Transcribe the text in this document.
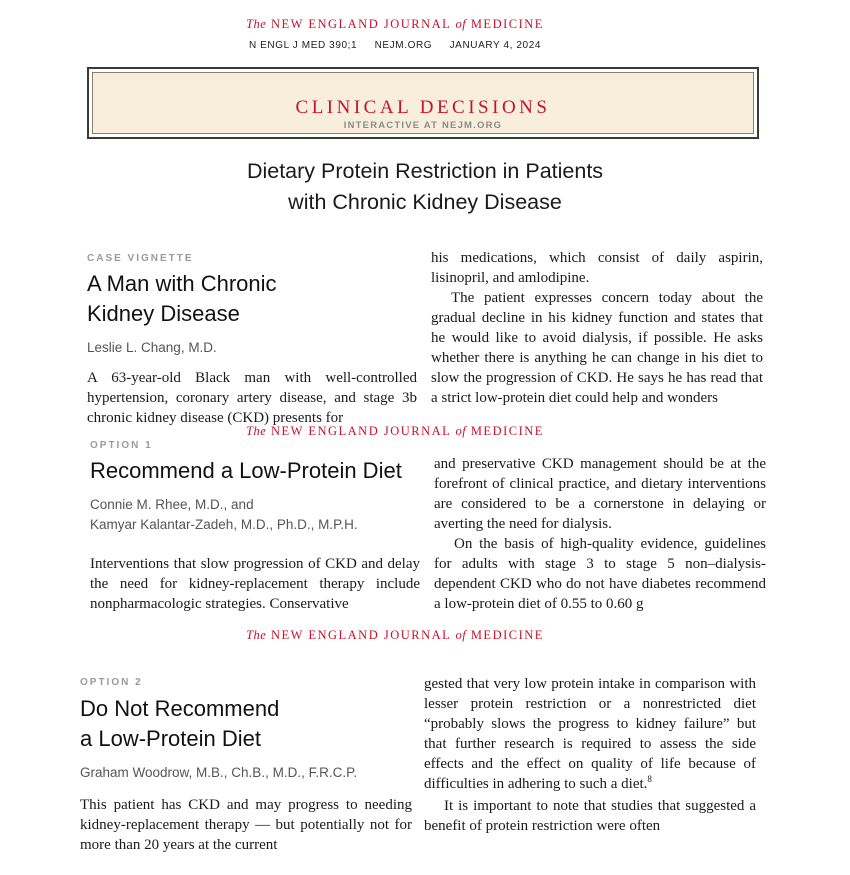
The NEW ENGLAND JOURNAL of MEDICINE
N ENGL J MED 390;1 NEJM.ORG JANUARY 4, 2024
CLINICAL DECISIONS
INTERACTIVE AT NEJM.ORG
Dietary Protein Restriction in Patients
with Chronic Kidney Disease
CASE VIGNETTE
A Man with Chronic
Kidney Disease
Leslie L. Chang, M.D.

A 63-year-old Black man with well-controlled hypertension, coronary artery disease, and stage 3b chronic kidney disease (CKD) presents for

his medications, which consist of daily aspirin, lisinopril, and amlodipine.

The patient expresses concern today about the gradual decline in his kidney function and states that he would like to avoid dialysis, if possible. He asks whether there is anything he can change in his diet to slow the progression of CKD. He says he has read that a strict low-protein diet could help and wonders

The NEW ENGLAND JOURNAL of MEDICINE
OPTION 1
Recommend a Low-Protein Diet
Connie M. Rhee, M.D., and
Kamyar Kalantar-Zadeh, M.D., Ph.D., M.P.H.

Interventions that slow progression of CKD and delay the need for kidney-replacement therapy include nonpharmacologic strategies. Conservative

and preservative CKD management should be at the forefront of clinical practice, and dietary interventions are considered to be a cornerstone in delaying or averting the need for dialysis.

On the basis of high-quality evidence, guidelines for adults with stage 3 to stage 5 non–dialysis-dependent CKD who do not have diabetes recommend a low-protein diet of 0.55 to 0.60 g

The NEW ENGLAND JOURNAL of MEDICINE
OPTION 2
Do Not Recommend
a Low-Protein Diet
Graham Woodrow, M.B., Ch.B., M.D., F.R.C.P.

This patient has CKD and may progress to needing kidney-replacement therapy — but potentially not for more than 20 years at the current

gested that very low protein intake in comparison with lesser protein restriction or a nonrestricted diet “probably slows the progress to kidney failure” but that further research is required to assess the side effects and the effect on quality of life because of difficulties in adhering to such a diet.$^8$

It is important to note that studies that suggested a benefit of protein restriction were often
